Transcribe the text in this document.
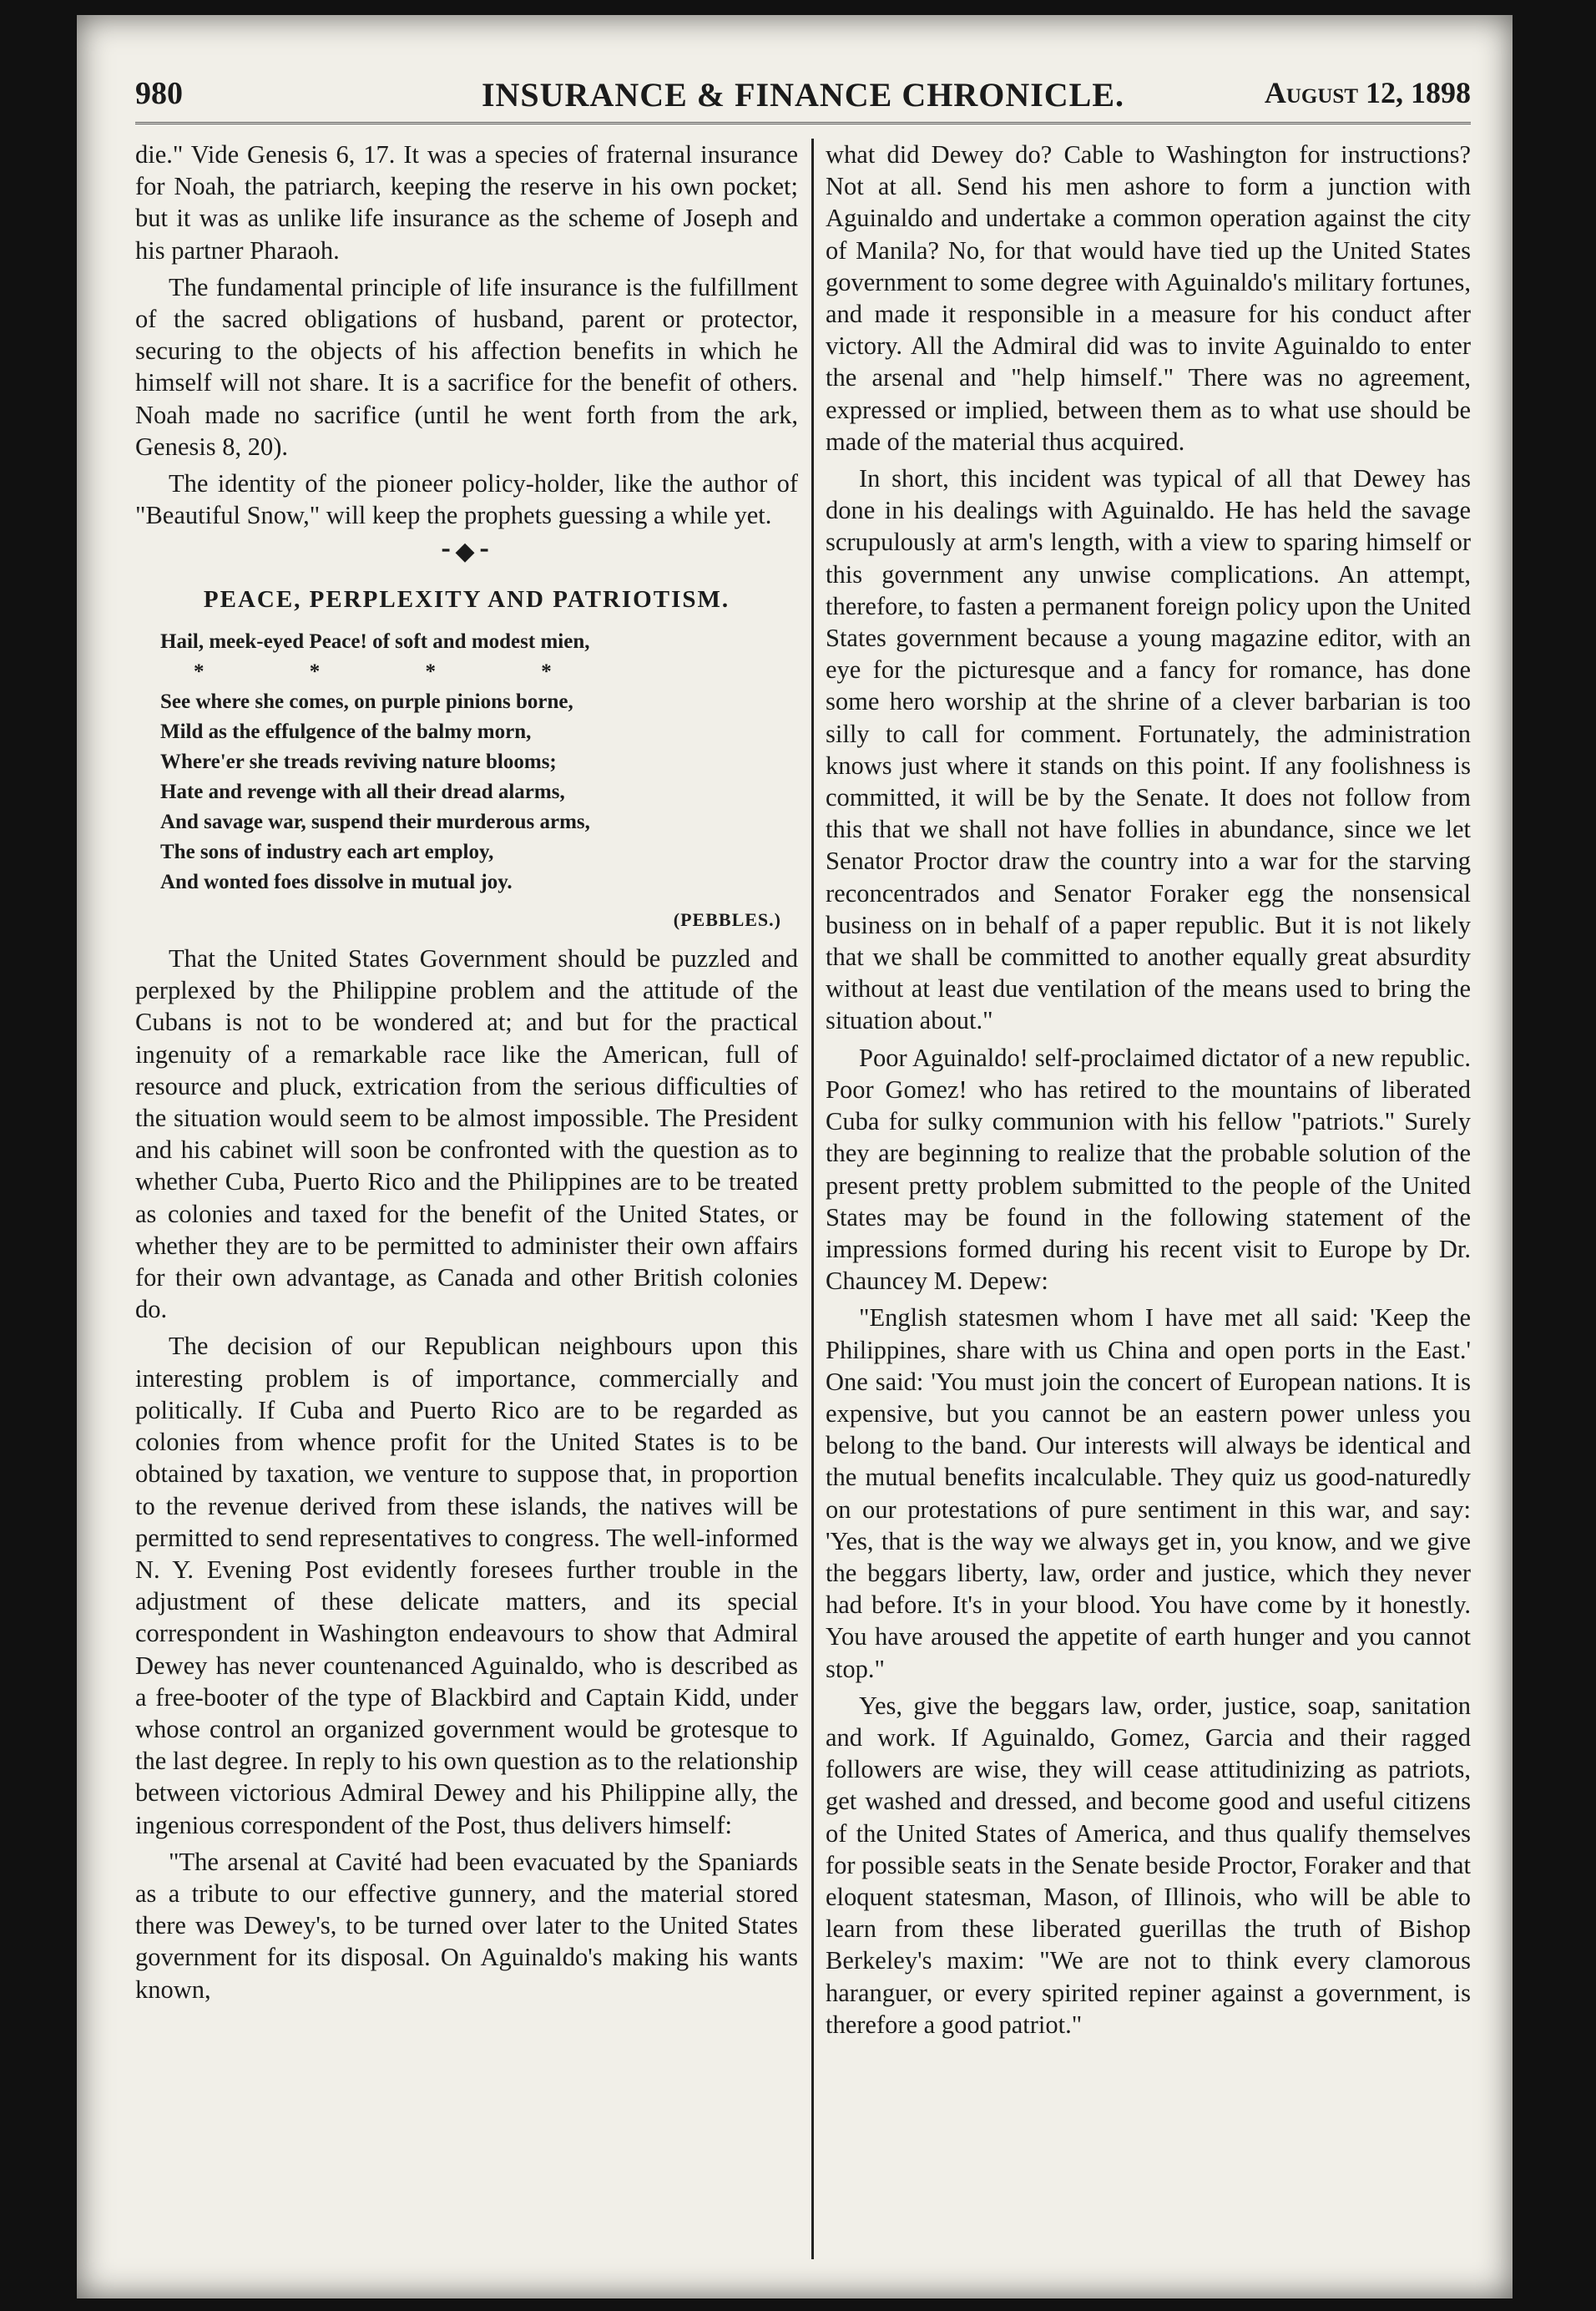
980	INSURANCE & FINANCE CHRONICLE.	August 12, 1898

die." Vide Genesis 6, 17. It was a species of fraternal insurance for Noah, the patriarch, keeping the reserve in his own pocket; but it was as unlike life insurance as the scheme of Joseph and his partner Pharaoh.

The fundamental principle of life insurance is the fulfillment of the sacred obligations of husband, parent or protector, securing to the objects of his affection benefits in which he himself will not share. It is a sacrifice for the benefit of others. Noah made no sacrifice (until he went forth from the ark, Genesis 8, 20).

The identity of the pioneer policy-holder, like the author of "Beautiful Snow," will keep the prophets guessing a while yet.

⁃◆⁃
PEACE, PERPLEXITY AND PATRIOTISM.
Hail, meek-eyed Peace! of soft and modest mien,
* * * *
See where she comes, on purple pinions borne,
Mild as the effulgence of the balmy morn,
Where'er she treads reviving nature blooms;
Hate and revenge with all their dread alarms,
And savage war, suspend their murderous arms,
The sons of industry each art employ,
And wonted foes dissolve in mutual joy.
(PEBBLES.)

That the United States Government should be puzzled and perplexed by the Philippine problem and the attitude of the Cubans is not to be wondered at; and but for the practical ingenuity of a remarkable race like the American, full of resource and pluck, extrication from the serious difficulties of the situation would seem to be almost impossible. The President and his cabinet will soon be confronted with the question as to whether Cuba, Puerto Rico and the Philippines are to be treated as colonies and taxed for the benefit of the United States, or whether they are to be permitted to administer their own affairs for their own advantage, as Canada and other British colonies do.

The decision of our Republican neighbours upon this interesting problem is of importance, commercially and politically. If Cuba and Puerto Rico are to be regarded as colonies from whence profit for the United States is to be obtained by taxation, we venture to suppose that, in proportion to the revenue derived from these islands, the natives will be permitted to send representatives to congress. The well-informed N. Y. Evening Post evidently foresees further trouble in the adjustment of these delicate matters, and its special correspondent in Washington endeavours to show that Admiral Dewey has never countenanced Aguinaldo, who is described as a free-booter of the type of Blackbird and Captain Kidd, under whose control an organized government would be grotesque to the last degree. In reply to his own question as to the relationship between victorious Admiral Dewey and his Philippine ally, the ingenious correspondent of the Post, thus delivers himself:

"The arsenal at Cavité had been evacuated by the Spaniards as a tribute to our effective gunnery, and the material stored there was Dewey's, to be turned over later to the United States government for its disposal. On Aguinaldo's making his wants known,

what did Dewey do? Cable to Washington for instructions? Not at all. Send his men ashore to form a junction with Aguinaldo and undertake a common operation against the city of Manila? No, for that would have tied up the United States government to some degree with Aguinaldo's military fortunes, and made it responsible in a measure for his conduct after victory. All the Admiral did was to invite Aguinaldo to enter the arsenal and "help himself." There was no agreement, expressed or implied, between them as to what use should be made of the material thus acquired.

In short, this incident was typical of all that Dewey has done in his dealings with Aguinaldo. He has held the savage scrupulously at arm's length, with a view to sparing himself or this government any unwise complications. An attempt, therefore, to fasten a permanent foreign policy upon the United States government because a young magazine editor, with an eye for the picturesque and a fancy for romance, has done some hero worship at the shrine of a clever barbarian is too silly to call for comment. Fortunately, the administration knows just where it stands on this point. If any foolishness is committed, it will be by the Senate. It does not follow from this that we shall not have follies in abundance, since we let Senator Proctor draw the country into a war for the starving reconcentrados and Senator Foraker egg the nonsensical business on in behalf of a paper republic. But it is not likely that we shall be committed to another equally great absurdity without at least due ventilation of the means used to bring the situation about."

Poor Aguinaldo! self-proclaimed dictator of a new republic. Poor Gomez! who has retired to the mountains of liberated Cuba for sulky communion with his fellow "patriots." Surely they are beginning to realize that the probable solution of the present pretty problem submitted to the people of the United States may be found in the following statement of the impressions formed during his recent visit to Europe by Dr. Chauncey M. Depew:

"English statesmen whom I have met all said: 'Keep the Philippines, share with us China and open ports in the East.' One said: 'You must join the concert of European nations. It is expensive, but you cannot be an eastern power unless you belong to the band. Our interests will always be identical and the mutual benefits incalculable. They quiz us good-naturedly on our protestations of pure sentiment in this war, and say: 'Yes, that is the way we always get in, you know, and we give the beggars liberty, law, order and justice, which they never had before. It's in your blood. You have come by it honestly. You have aroused the appetite of earth hunger and you cannot stop."

Yes, give the beggars law, order, justice, soap, sanitation and work. If Aguinaldo, Gomez, Garcia and their ragged followers are wise, they will cease attitudinizing as patriots, get washed and dressed, and become good and useful citizens of the United States of America, and thus qualify themselves for possible seats in the Senate beside Proctor, Foraker and that eloquent statesman, Mason, of Illinois, who will be able to learn from these liberated guerillas the truth of Bishop Berkeley's maxim: "We are not to think every clamorous haranguer, or every spirited repiner against a government, is therefore a good patriot."
